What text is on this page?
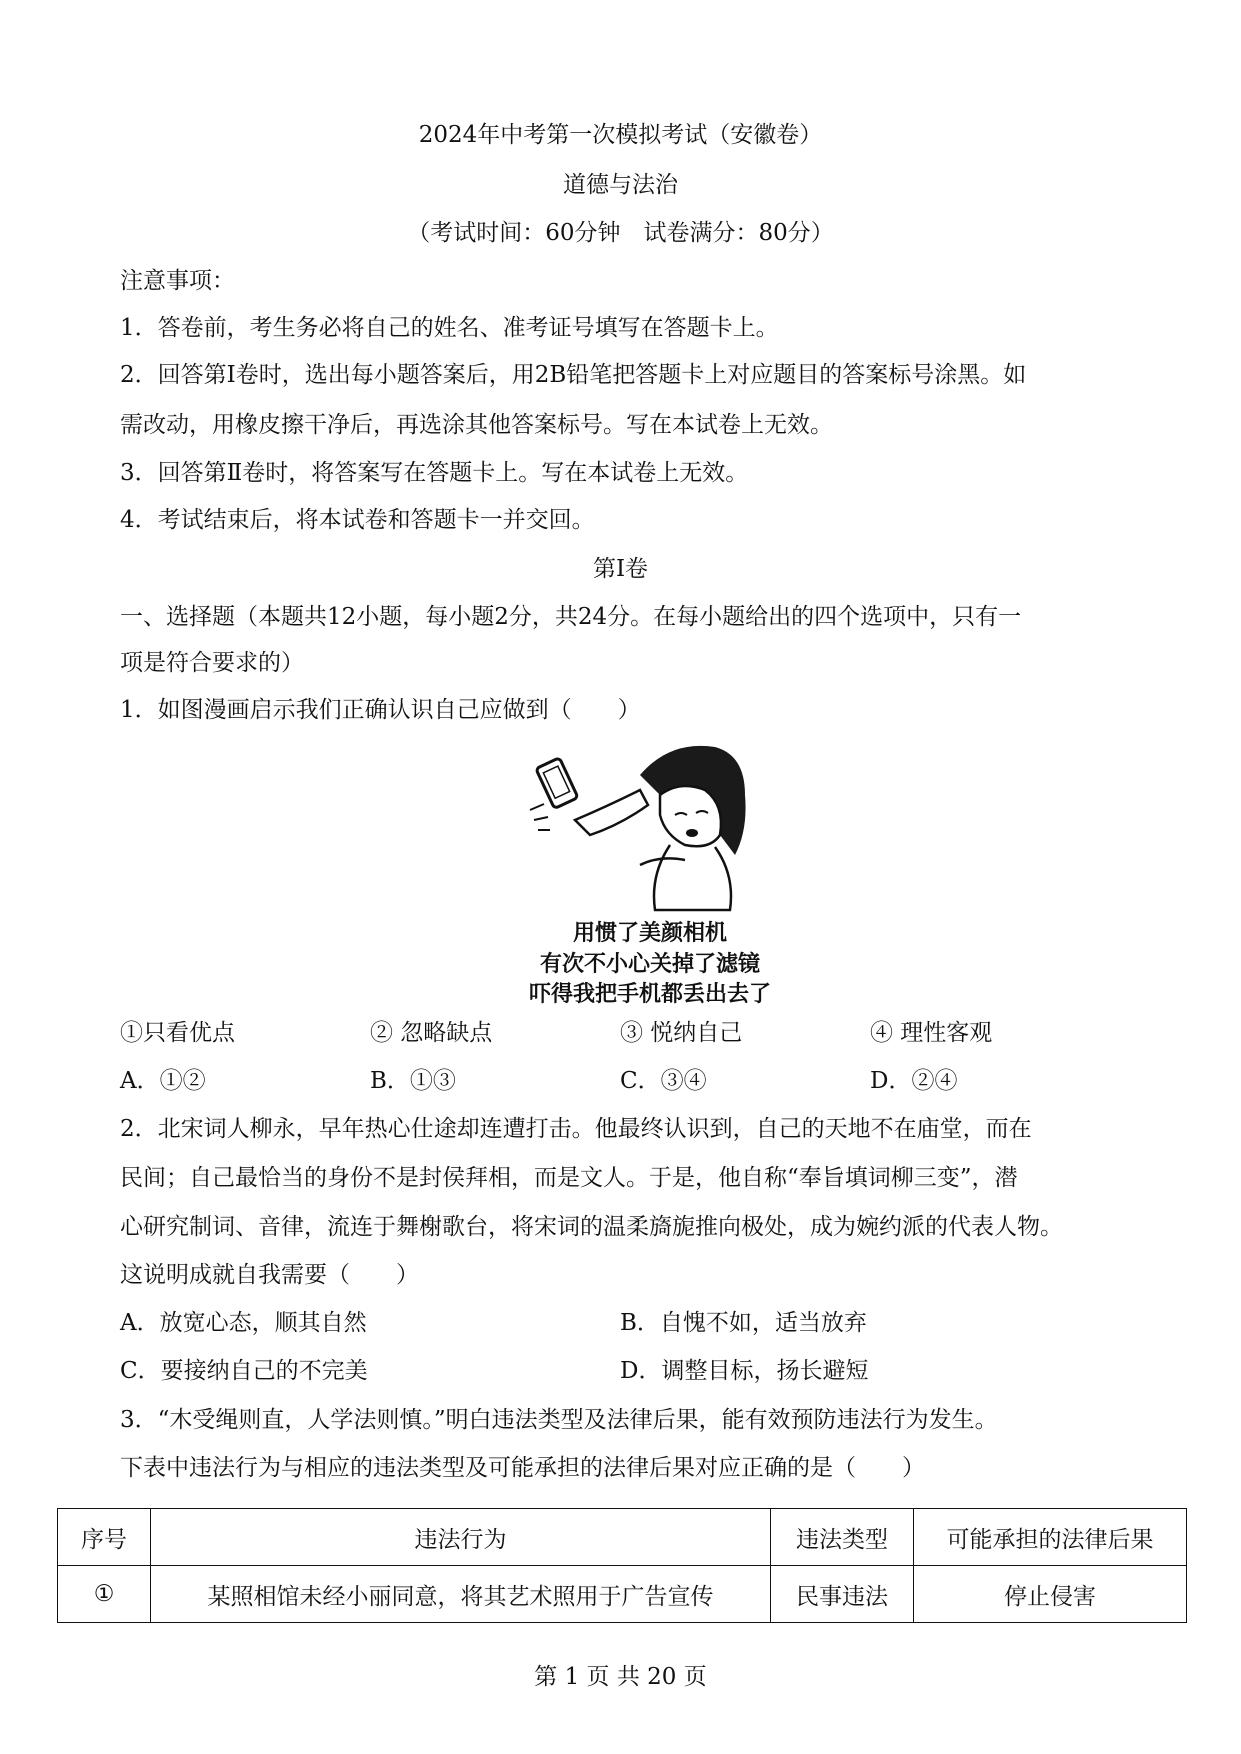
2024年中考第一次模拟考试（安徽卷）
道德与法治
（考试时间：60分钟　试卷满分：80分）
注意事项：
1．答卷前，考生务必将自己的姓名、准考证号填写在答题卡上。
2．回答第Ⅰ卷时，选出每小题答案后，用2B铅笔把答题卡上对应题目的答案标号涂黑。如
需改动，用橡皮擦干净后，再选涂其他答案标号。写在本试卷上无效。
3．回答第Ⅱ卷时，将答案写在答题卡上。写在本试卷上无效。
4．考试结束后，将本试卷和答题卡一并交回。
第Ⅰ卷
一、选择题（本题共12小题，每小题2分，共24分。在每小题给出的四个选项中，只有一
项是符合要求的）
1．如图漫画启示我们正确认识自己应做到（　　）
用惯了美颜相机
有次不小心关掉了滤镜
吓得我把手机都丢出去了
①只看优点	② 忽略缺点	③ 悦纳自己	④ 理性客观
A．①②	B．①③	C．③④	D．②④
2．北宋词人柳永，早年热心仕途却连遭打击。他最终认识到，自己的天地不在庙堂，而在
民间；自己最恰当的身份不是封侯拜相，而是文人。于是，他自称“奉旨填词柳三变”，潜
心研究制词、音律，流连于舞榭歌台，将宋词的温柔旖旎推向极处，成为婉约派的代表人物。
这说明成就自我需要（　　）
A．放宽心态，顺其自然	B．自愧不如，适当放弃
C．要接纳自己的不完美	D．调整目标，扬长避短
3．“木受绳则直，人学法则慎。”明白违法类型及法律后果，能有效预防违法行为发生。
下表中违法行为与相应的违法类型及可能承担的法律后果对应正确的是（　　）
序号	违法行为	违法类型	可能承担的法律后果
①	某照相馆未经小丽同意，将其艺术照用于广告宣传	民事违法	停止侵害
第 1 页 共 20 页
